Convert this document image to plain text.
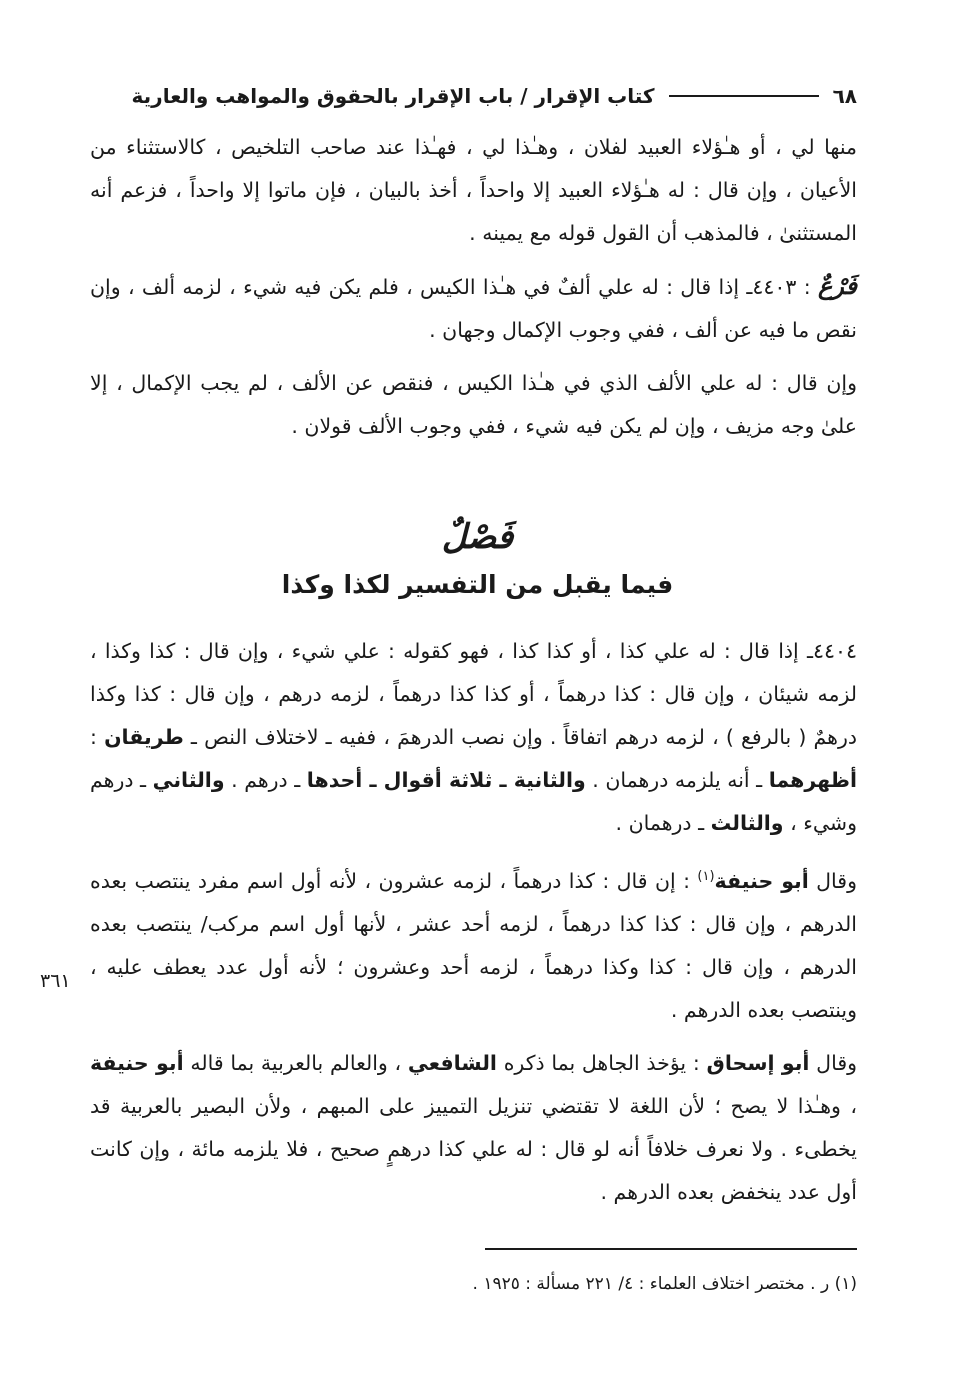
٦٨
كتاب الإقرار / باب الإقرار بالحقوق والمواهب والعارية

منها لي ، أو هـٰؤلاء العبيد لفلان ، وهـٰذا لي ، فهـٰذا عند صاحب التلخيص ، كالاستثناء من الأعيان ، وإن قال : له هـٰؤلاء العبيد إلا واحداً ، أخذ بالبيان ، فإن ماتوا إلا واحداً ، فزعم أنه المستثنىٰ ، فالمذهب أن القول قوله مع يمينه .

فَرْعٌ : ٤٤٠٣ـ إذا قال : له علي ألفٌ في هـٰذا الكيس ، فلم يكن فيه شيء ، لزمه ألف ، وإن نقص ما فيه عن ألف ، ففي وجوب الإكمال وجهان .

وإن قال : له علي الألف الذي في هـٰذا الكيس ، فنقص عن الألف ، لم يجب الإكمال ، إلا علىٰ وجه مزيف ، وإن لم يكن فيه شيء ، ففي وجوب الألف قولان .

فَصْلٌ
فيما يقبل من التفسير لكذا وكذا

٤٤٠٤ـ إذا قال : له علي كذا ، أو كذا كذا ، فهو كقوله : علي شيء ، وإن قال : كذا وكذا ، لزمه شيئان ، وإن قال : كذا درهماً ، أو كذا كذا درهماً ، لزمه درهم ، وإن قال : كذا وكذا درهمٌ ( بالرفع ) ، لزمه درهم اتفاقاً . وإن نصب الدرهمَ ، ففيه ـ لاختلاف النص ـ طريقان : أظهرهما ـ أنه يلزمه درهمان . والثانية ـ ثلاثة أقوال ـ أحدها ـ درهم . والثاني ـ درهم وشيء ، والثالث ـ درهمان .

وقال أبو حنيفة$^{(١)}$ : إن قال : كذا درهماً ، لزمه عشرون ، لأنه أول اسم مفرد ينتصب بعده الدرهم ، وإن قال : كذا كذا درهماً ، لزمه أحد عشر ، لأنها أول اسم مركب/ ينتصب بعده الدرهم ، وإن قال : كذا وكذا درهماً ، لزمه أحد وعشرون ؛ لأنه أول عدد يعطف عليه ، وينتصب بعده الدرهم .

وقال أبو إسحاق : يؤخذ الجاهل بما ذكره الشافعي ، والعالم بالعربية بما قاله أبو حنيفة ، وهـٰذا لا يصح ؛ لأن اللغة لا تقتضي تنزيل التمييز على المبهم ، ولأن البصير بالعربية قد يخطىء . ولا نعرف خلافاً أنه لو قال : له علي كذا درهمٍ صحيح ، فلا يلزمه مائة ، وإن كانت أول عدد ينخفض بعده الدرهم .

٣٦١
(١) ر . مختصر اختلاف العلماء : ٤/ ٢٢١ مسألة : ١٩٢٥ .
